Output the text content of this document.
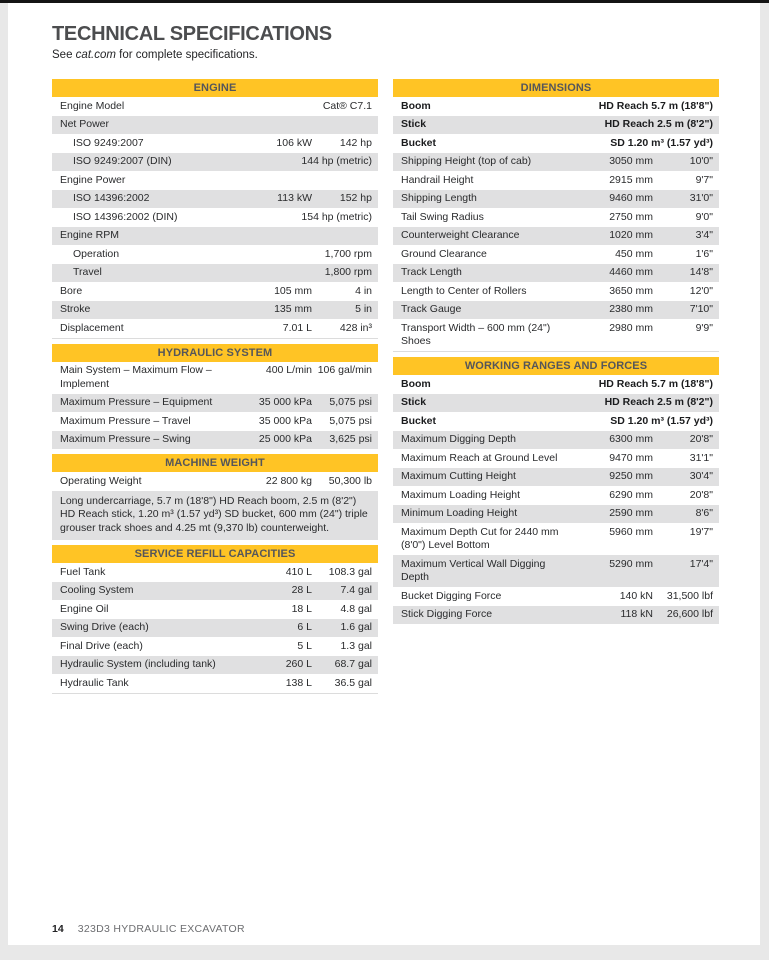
TECHNICAL SPECIFICATIONS
See cat.com for complete specifications.
ENGINE
Engine Model	Cat® C7.1
Net Power
ISO 9249:2007	106 kW	142 hp
ISO 9249:2007 (DIN)	144 hp (metric)
Engine Power
ISO 14396:2002	113 kW	152 hp
ISO 14396:2002 (DIN)	154 hp (metric)
Engine RPM
Operation	1,700 rpm
Travel	1,800 rpm
Bore	105 mm	4 in
Stroke	135 mm	5 in
Displacement	7.01 L	428 in³
HYDRAULIC SYSTEM
Main System – Maximum Flow – Implement
400 L/min 106 gal/min
Maximum Pressure – Equipment	35 000 kPa	5,075 psi
Maximum Pressure – Travel	35 000 kPa	5,075 psi
Maximum Pressure – Swing	25 000 kPa	3,625 psi
MACHINE WEIGHT
Operating Weight	22 800 kg	50,300 lb
Long undercarriage, 5.7 m (18'8") HD Reach boom, 2.5 m (8'2") HD Reach stick, 1.20 m³ (1.57 yd³) SD bucket, 600 mm (24") triple grouser track shoes and 4.25 mt (9,370 lb) counterweight.
SERVICE REFILL CAPACITIES
Fuel Tank	410 L	108.3 gal
Cooling System	28 L	7.4 gal
Engine Oil	18 L	4.8 gal
Swing Drive (each)	6 L	1.6 gal
Final Drive (each)	5 L	1.3 gal
Hydraulic System (including tank)	260 L	68.7 gal
Hydraulic Tank	138 L	36.5 gal
DIMENSIONS
Boom	HD Reach 5.7 m (18'8")
Stick	HD Reach 2.5 m (8'2")
Bucket	SD 1.20 m³ (1.57 yd³)
Shipping Height (top of cab)	3050 mm	10'0"
Handrail Height	2915 mm	9'7"
Shipping Length	9460 mm	31'0"
Tail Swing Radius	2750 mm	9'0"
Counterweight Clearance	1020 mm	3'4"
Ground Clearance	450 mm	1'6"
Track Length	4460 mm	14'8"
Length to Center of Rollers	3650 mm	12'0"
Track Gauge	2380 mm	7'10"
Transport Width – 600 mm (24") Shoes
2980 mm	9'9"
WORKING RANGES AND FORCES
Boom	HD Reach 5.7 m (18'8")
Stick	HD Reach 2.5 m (8'2")
Bucket	SD 1.20 m³ (1.57 yd³)
Maximum Digging Depth	6300 mm	20'8"
Maximum Reach at Ground Level	9470 mm	31'1"
Maximum Cutting Height	9250 mm	30'4"
Maximum Loading Height	6290 mm	20'8"
Minimum Loading Height	2590 mm	8'6"
Maximum Depth Cut for 2440 mm (8'0") Level Bottom
5960 mm	19'7"
Maximum Vertical Wall Digging Depth
5290 mm	17'4"
Bucket Digging Force	140 kN	31,500 lbf
Stick Digging Force	118 kN	26,600 lbf
14 323D3 HYDRAULIC EXCAVATOR
